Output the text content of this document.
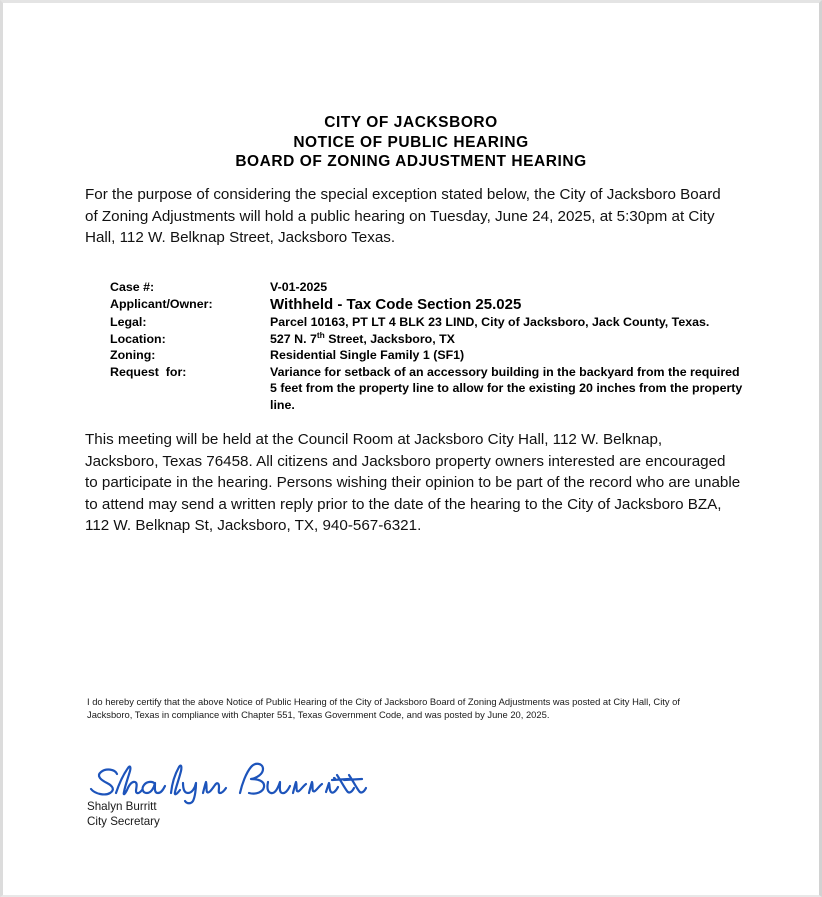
CITY OF JACKSBORO
NOTICE OF PUBLIC HEARING
BOARD OF ZONING ADJUSTMENT HEARING
For the purpose of considering the special exception stated below, the City of Jacksboro Board
of Zoning Adjustments will hold a public hearing on Tuesday, June 24, 2025, at 5:30pm at City
Hall, 112 W. Belknap Street, Jacksboro Texas.
Case #:	V-01-2025
Applicant/Owner:	Withheld - Tax Code Section 25.025
Legal:	Parcel 10163, PT LT 4 BLK 23 LIND, City of Jacksboro, Jack County, Texas.
Location:	527 N. 7th Street, Jacksboro, TX
Zoning:	Residential Single Family 1 (SF1)
Request  for:	Variance for setback of an accessory building in the backyard from the required
5 feet from the property line to allow for the existing 20 inches from the property
line.
This meeting will be held at the Council Room at Jacksboro City Hall, 112 W. Belknap,
Jacksboro, Texas 76458. All citizens and Jacksboro property owners interested are encouraged
to participate in the hearing. Persons wishing their opinion to be part of the record who are unable
to attend may send a written reply prior to the date of the hearing to the City of Jacksboro BZA,
112 W. Belknap St, Jacksboro, TX, 940-567-6321.
I do hereby certify that the above Notice of Public Hearing of the City of Jacksboro Board of Zoning Adjustments was posted at City Hall, City of
Jacksboro, Texas in compliance with Chapter 551, Texas Government Code, and was posted by June 20, 2025.
Shalyn Burritt
City Secretary
